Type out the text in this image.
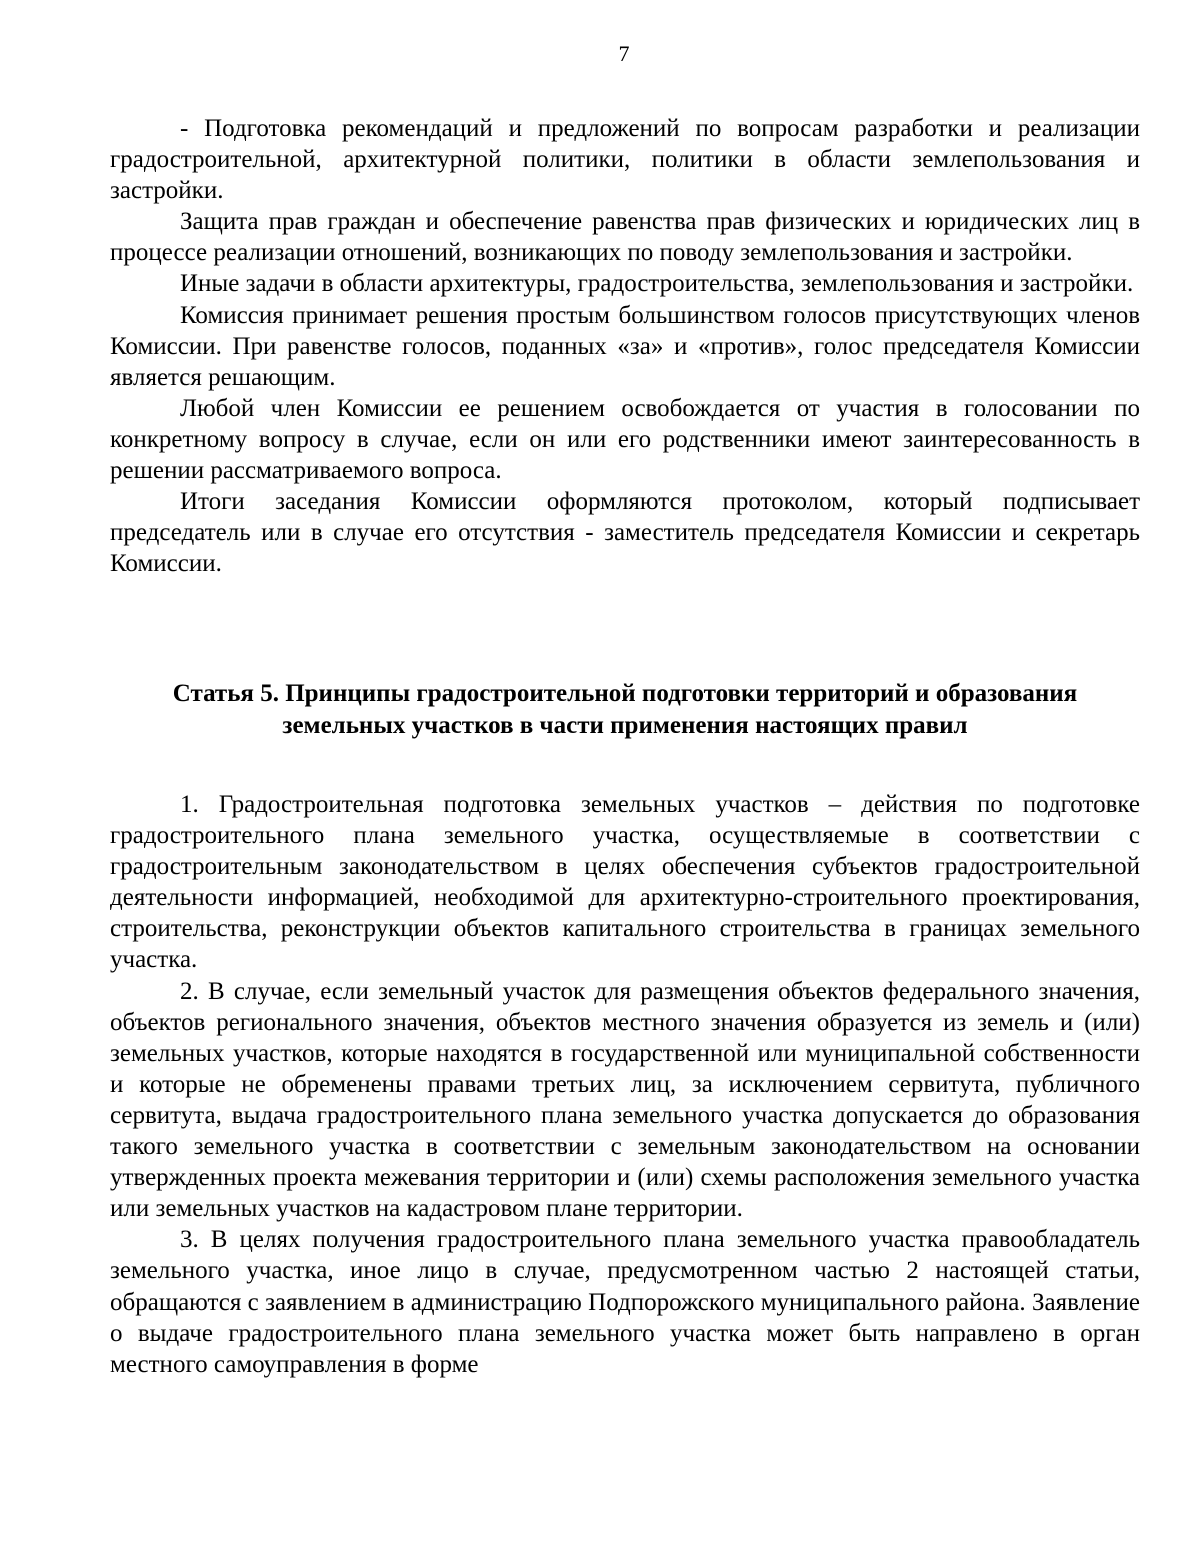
7

- Подготовка рекомендаций и предложений по вопросам разработки и реализации градостроительной, архитектурной политики, политики в области землепользования и застройки.

Защита прав граждан и обеспечение равенства прав физических и юридических лиц в процессе реализации отношений, возникающих по поводу землепользования и застройки.

Иные задачи в области архитектуры, градостроительства, землепользования и застройки.

Комиссия принимает решения простым большинством голосов присутствующих членов Комиссии. При равенстве голосов, поданных «за» и «против», голос председателя Комиссии является решающим.

Любой член Комиссии ее решением освобождается от участия в голосовании по конкретному вопросу в случае, если он или его родственники имеют заинтересованность в решении рассматриваемого вопроса.

Итоги заседания Комиссии оформляются протоколом, который подписывает председатель или в случае его отсутствия - заместитель председателя Комиссии и секретарь Комиссии.

Статья 5. Принципы градостроительной подготовки территорий и образования
земельных участков в части применения настоящих правил

1. Градостроительная подготовка земельных участков – действия по подготовке градостроительного плана земельного участка, осуществляемые в соответствии с градостроительным законодательством в целях обеспечения субъектов градостроительной деятельности информацией, необходимой для архитектурно-строительного проектирования, строительства, реконструкции объектов капитального строительства в границах земельного участка.

2. В случае, если земельный участок для размещения объектов федерального значения, объектов регионального значения, объектов местного значения образуется из земель и (или) земельных участков, которые находятся в государственной или муниципальной собственности и которые не обременены правами третьих лиц, за исключением сервитута, публичного сервитута, выдача градостроительного плана земельного участка допускается до образования такого земельного участка в соответствии с земельным законодательством на основании утвержденных проекта межевания территории и (или) схемы расположения земельного участка или земельных участков на кадастровом плане территории.

3. В целях получения градостроительного плана земельного участка правообладатель земельного участка, иное лицо в случае, предусмотренном частью 2 настоящей статьи, обращаются с заявлением в администрацию Подпорожского муниципального района. Заявление о выдаче градостроительного плана земельного участка может быть направлено в орган местного самоуправления в форме
